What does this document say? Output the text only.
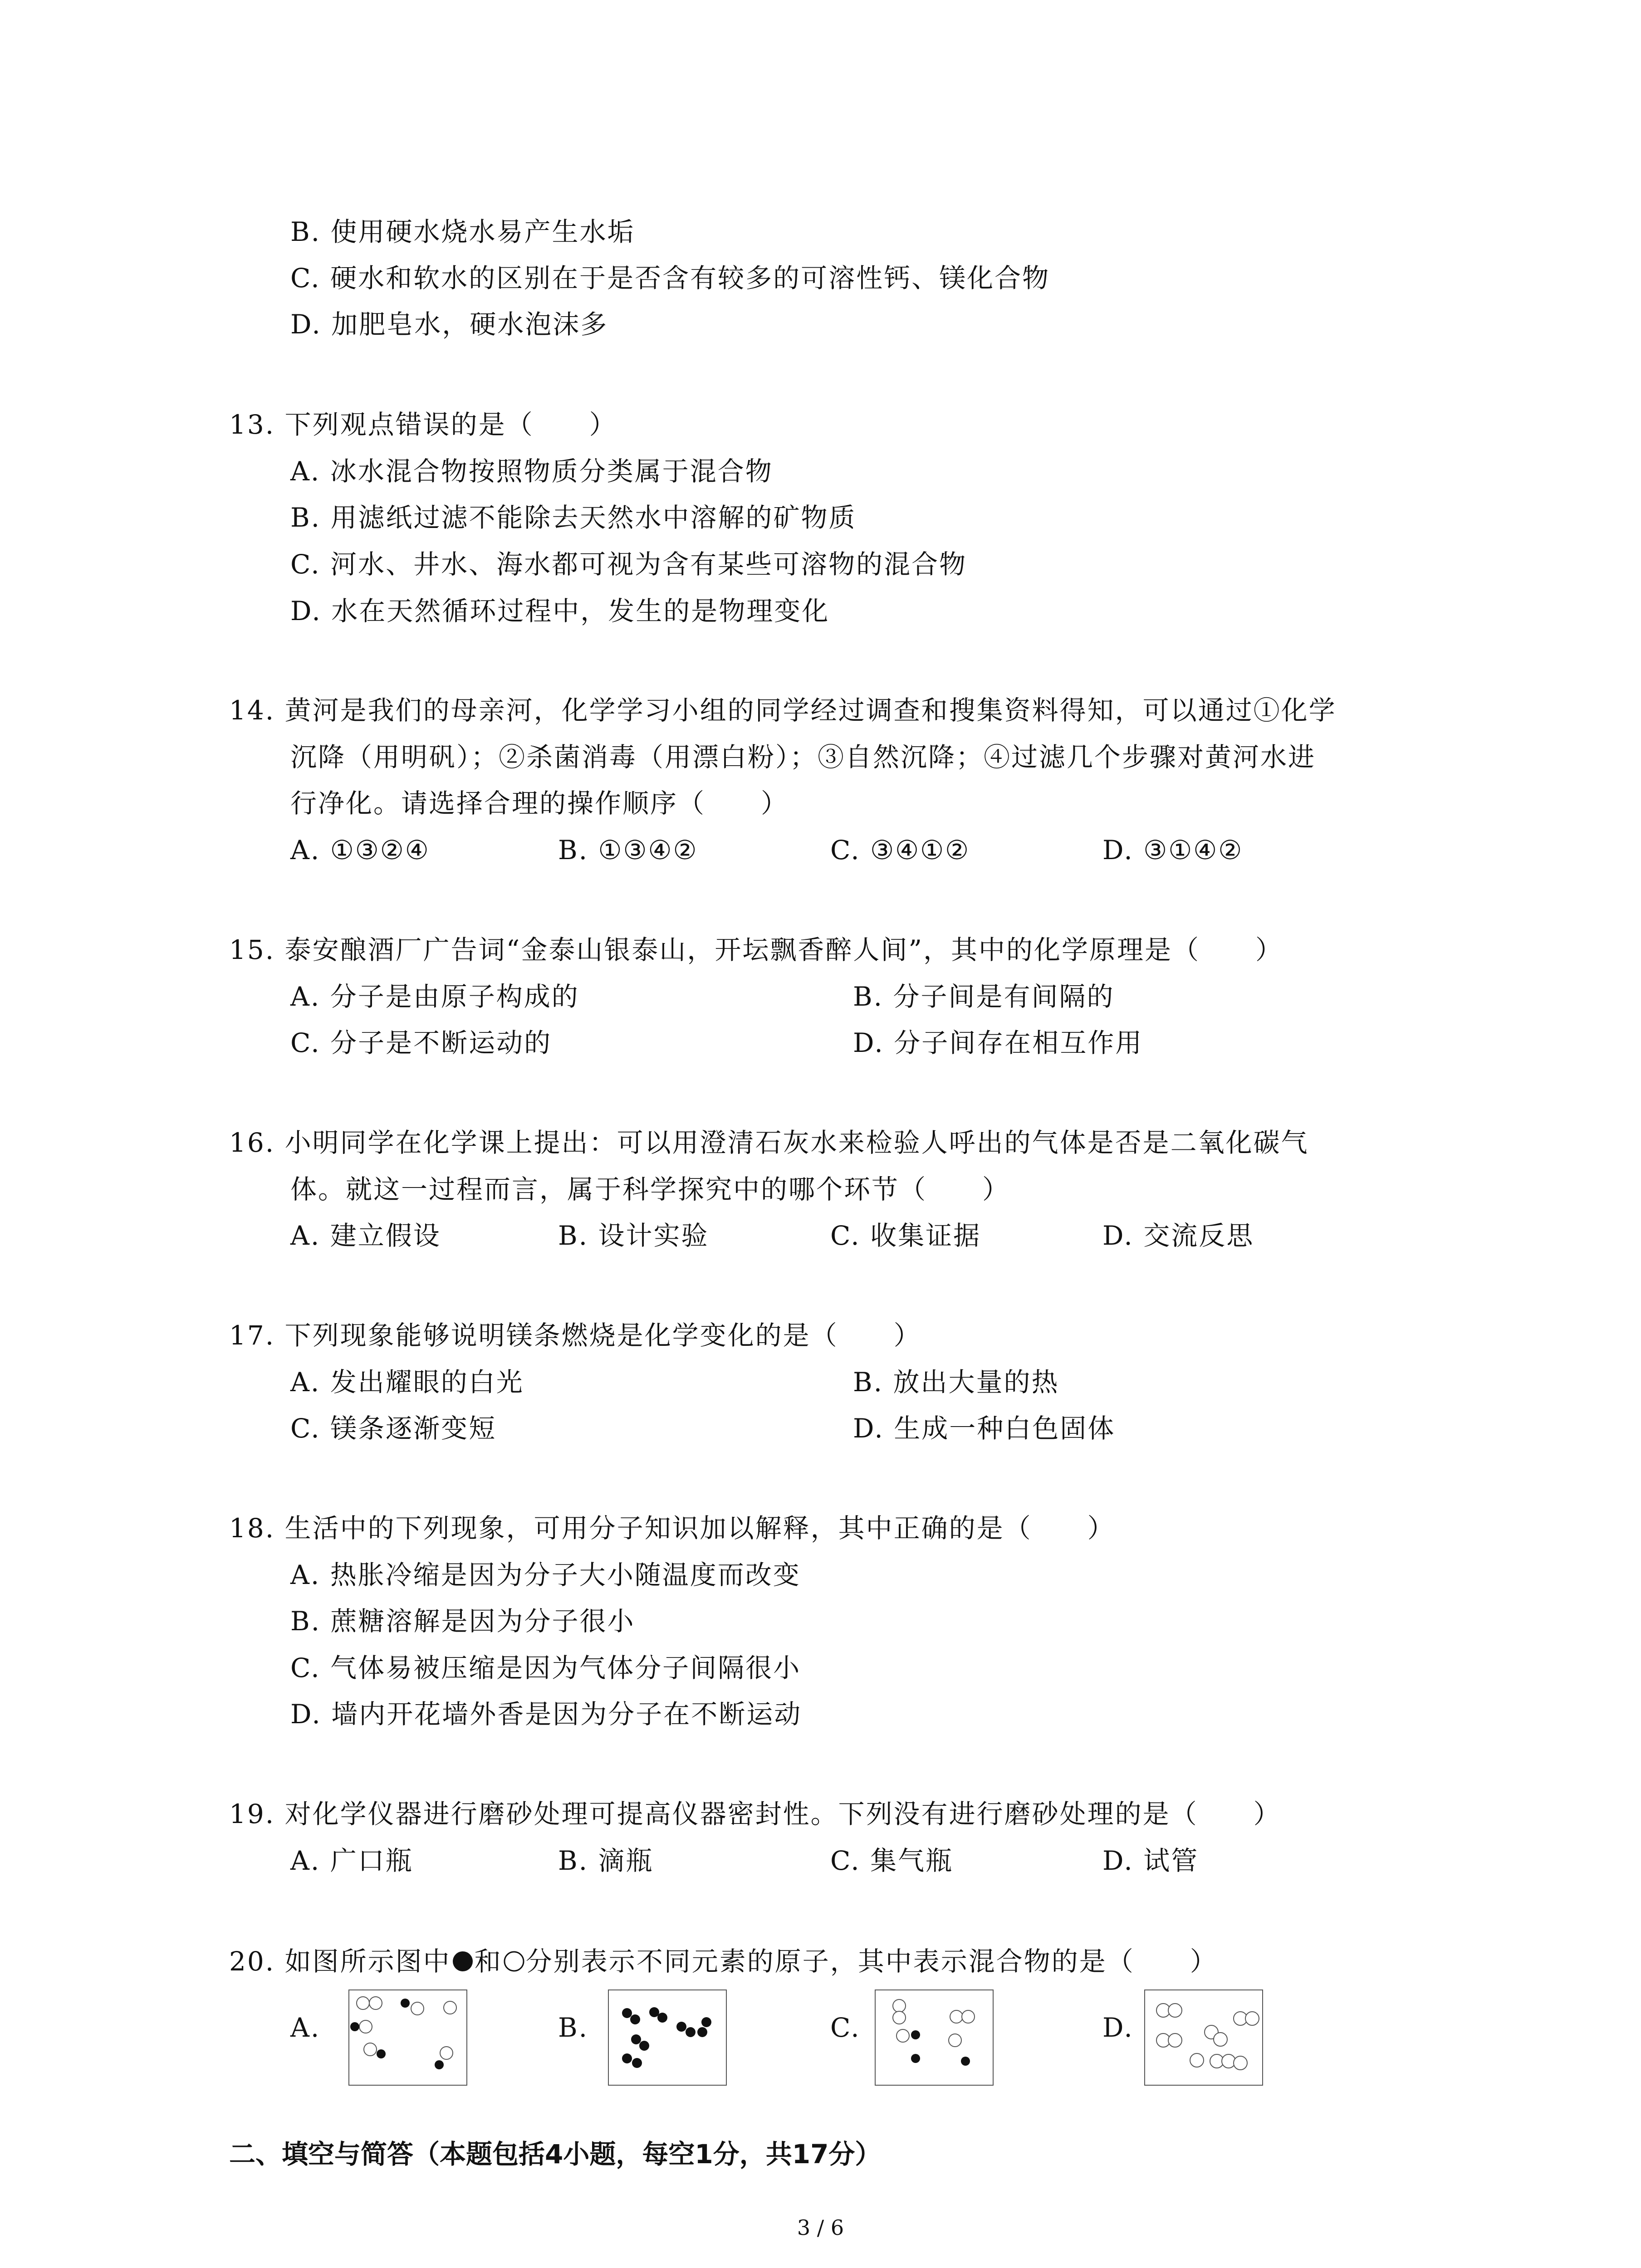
B. 使用硬水烧水易产生水垢
C. 硬水和软水的区别在于是否含有较多的可溶性钙、镁化合物
D. 加肥皂水，硬水泡沫多
13. 下列观点错误的是（　　）
A. 冰水混合物按照物质分类属于混合物
B. 用滤纸过滤不能除去天然水中溶解的矿物质
C. 河水、井水、海水都可视为含有某些可溶物的混合物
D. 水在天然循环过程中，发生的是物理变化
14. 黄河是我们的母亲河，化学学习小组的同学经过调查和搜集资料得知，可以通过①化学
沉降（用明矾）；②杀菌消毒（用漂白粉）；③自然沉降；④过滤几个步骤对黄河水进
行净化。请选择合理的操作顺序（　　）
A. ①③②④	B. ①③④②	C. ③④①②	D. ③①④②
15. 泰安酿酒厂广告词“金泰山银泰山，开坛飘香醉人间”，其中的化学原理是（　　）
A. 分子是由原子构成的	B. 分子间是有间隔的
C. 分子是不断运动的	D. 分子间存在相互作用
16. 小明同学在化学课上提出：可以用澄清石灰水来检验人呼出的气体是否是二氧化碳气
体。就这一过程而言，属于科学探究中的哪个环节（　　）
A. 建立假设	B. 设计实验	C. 收集证据	D. 交流反思
17. 下列现象能够说明镁条燃烧是化学变化的是（　　）
A. 发出耀眼的白光	B. 放出大量的热
C. 镁条逐渐变短	D. 生成一种白色固体
18. 生活中的下列现象，可用分子知识加以解释，其中正确的是（　　）
A. 热胀冷缩是因为分子大小随温度而改变
B. 蔗糖溶解是因为分子很小
C. 气体易被压缩是因为气体分子间隔很小
D. 墙内开花墙外香是因为分子在不断运动
19. 对化学仪器进行磨砂处理可提高仪器密封性。下列没有进行磨砂处理的是（　　）
A. 广口瓶	B. 滴瓶	C. 集气瓶	D. 试管
20. 如图所示图中 和 分别表示不同元素的原子，其中表示混合物的是（　　）
A.	B.	C.	D.
二、填空与简答（本题包括4小题，每空1分，共17分）
3 / 6
